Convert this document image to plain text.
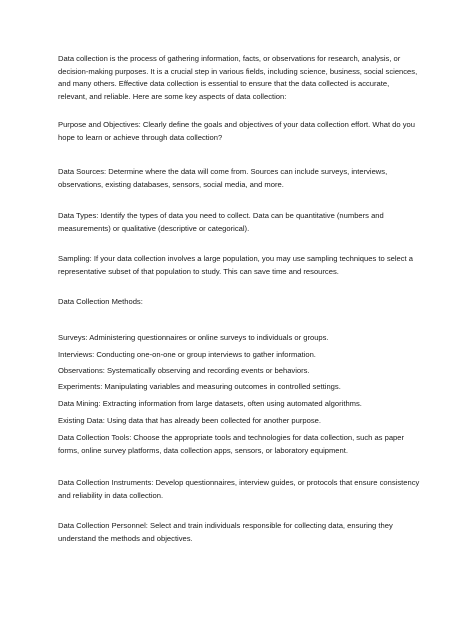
Data collection is the process of gathering information, facts, or observations for research, analysis, or decision-making purposes. It is a crucial step in various fields, including science, business, social sciences, and many others. Effective data collection is essential to ensure that the data collected is accurate, relevant, and reliable. Here are some key aspects of data collection:

Purpose and Objectives: Clearly define the goals and objectives of your data collection effort. What do you hope to learn or achieve through data collection?

Data Sources: Determine where the data will come from. Sources can include surveys, interviews, observations, existing databases, sensors, social media, and more.

Data Types: Identify the types of data you need to collect. Data can be quantitative (numbers and measurements) or qualitative (descriptive or categorical).

Sampling: If your data collection involves a large population, you may use sampling techniques to select a representative subset of that population to study. This can save time and resources.

Data Collection Methods:

Surveys: Administering questionnaires or online surveys to individuals or groups.

Interviews: Conducting one-on-one or group interviews to gather information.

Observations: Systematically observing and recording events or behaviors.

Experiments: Manipulating variables and measuring outcomes in controlled settings.

Data Mining: Extracting information from large datasets, often using automated algorithms.

Existing Data: Using data that has already been collected for another purpose.

Data Collection Tools: Choose the appropriate tools and technologies for data collection, such as paper forms, online survey platforms, data collection apps, sensors, or laboratory equipment.

Data Collection Instruments: Develop questionnaires, interview guides, or protocols that ensure consistency and reliability in data collection.

Data Collection Personnel: Select and train individuals responsible for collecting data, ensuring they understand the methods and objectives.
